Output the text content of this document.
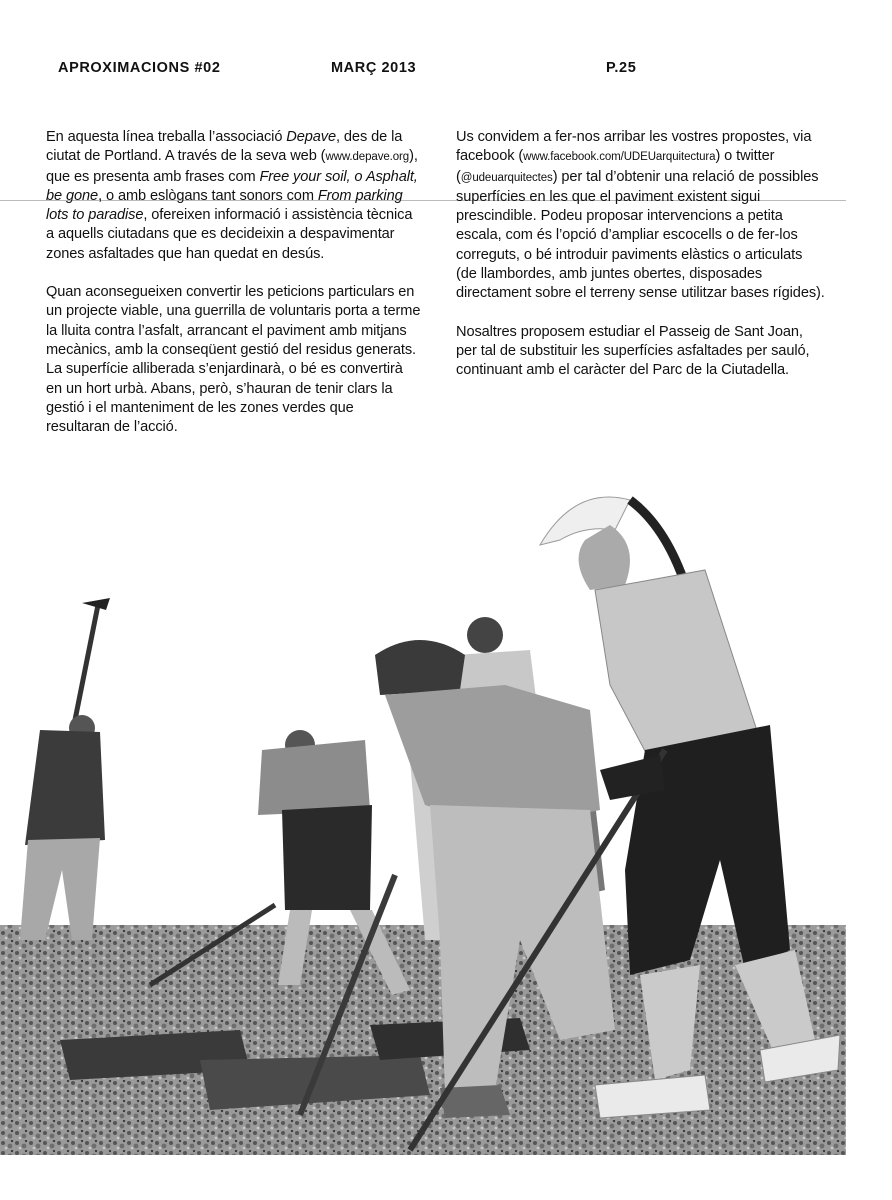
APROXIMACIONS #02	MARÇ 2013	P.25

En aquesta línea treballa l’associació Depave, des de la ciutat de Portland. A través de la seva web (www.depave.org), que es presenta amb frases com Free your soil, o Asphalt, be gone, o amb eslògans tant sonors com From parking lots to paradise, ofereixen informació i assistència tècnica a aquells ciutadans que es decideixin a despavimentar zones asfaltades que han quedat en desús.

Quan aconsegueixen convertir les peticions particulars en un projecte viable, una guerrilla de voluntaris porta a terme la lluita contra l’asfalt, arrancant el paviment amb mitjans mecànics, amb la conseqüent gestió del residus generats. La superfície alliberada s’enjardinarà, o bé es convertirà en un hort urbà. Abans, però, s’hauran de tenir clars la gestió i el manteniment de les zones verdes que resultaran de l’acció.

Us convidem a fer-nos arribar les vostres propostes, via facebook (www.facebook.com/UDEUarquitectura) o twitter (@udeuarquitectes) per tal d’obtenir una relació de possibles superfícies en les que el paviment existent sigui prescindible. Podeu proposar intervencions a petita escala, com és l’opció d’ampliar escocells o de fer-los correguts, o bé introduir paviments elàstics o articulats (de llambordes, amb juntes obertes, disposades directament sobre el terreny sense utilitzar bases rígides).

Nosaltres proposem estudiar el Passeig de Sant Joan, per tal de substituir les superfícies asfaltades per sauló, continuant amb el caràcter del Parc de la Ciutadella.
